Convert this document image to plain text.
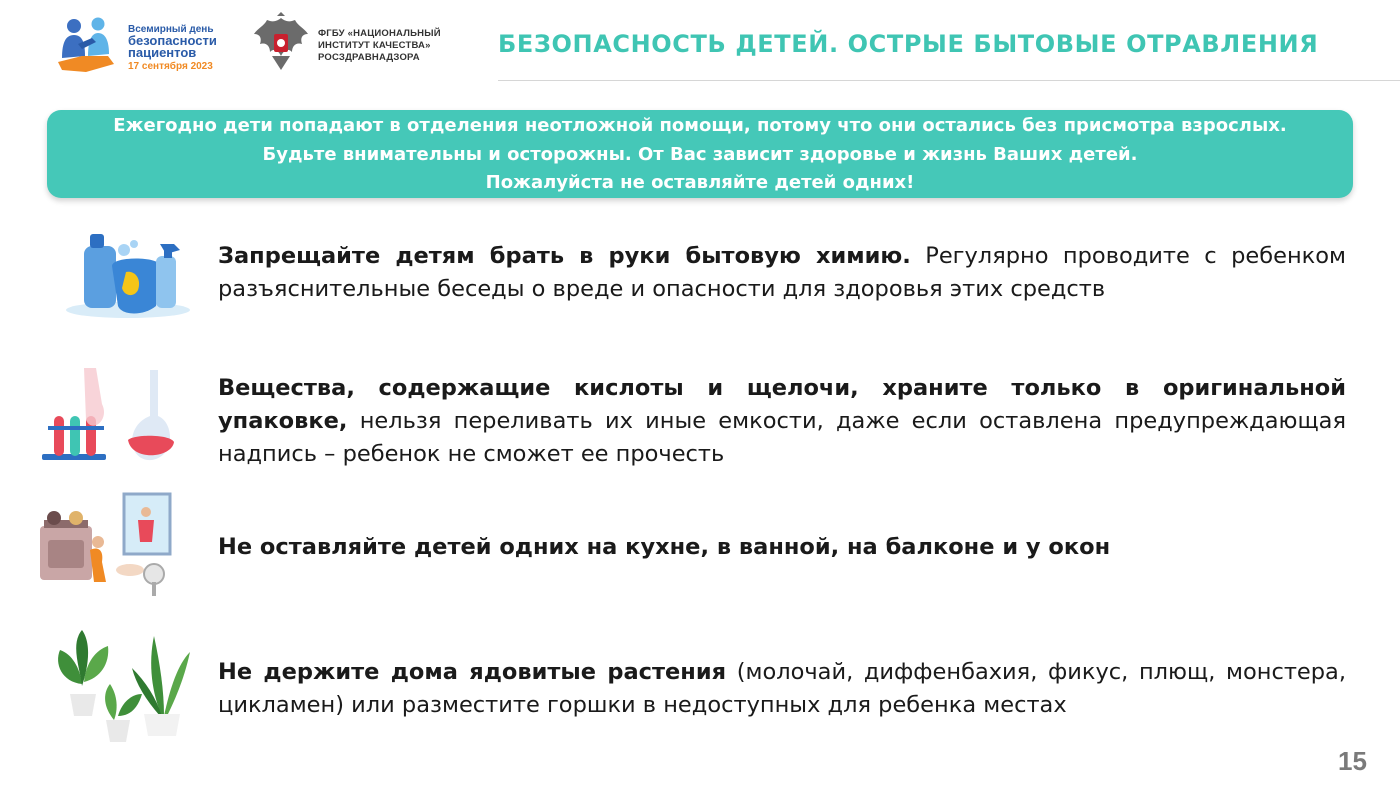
Всемирный день
безопасности
пациентов
17 сентября 2023
ФГБУ «НАЦИОНАЛЬНЫЙ
ИНСТИТУТ КАЧЕСТВА»
РОСЗДРАВНАДЗОРА	БЕЗОПАСНОСТЬ ДЕТЕЙ. ОСТРЫЕ БЫТОВЫЕ ОТРАВЛЕНИЯ
Ежегодно дети попадают в отделения неотложной помощи, потому что они остались без присмотра взрослых.
Будьте внимательны и осторожны. От Вас зависит здоровье и жизнь Ваших детей.
Пожалуйста не оставляйте детей одних!
Запрещайте детям брать в руки бытовую химию. Регулярно проводите с ребенком разъяснительные беседы о вреде и опасности для здоровья этих средств
Вещества, содержащие кислоты и щелочи, храните только в оригинальной упаковке, нельзя переливать их иные емкости, даже если оставлена предупреждающая надпись – ребенок не сможет ее прочесть
Не оставляйте детей одних на кухне, в ванной, на балконе и у окон
Не держите дома ядовитые растения (молочай, диффенбахия, фикус, плющ, монстера, цикламен) или разместите горшки в недоступных для ребенка местах
15
